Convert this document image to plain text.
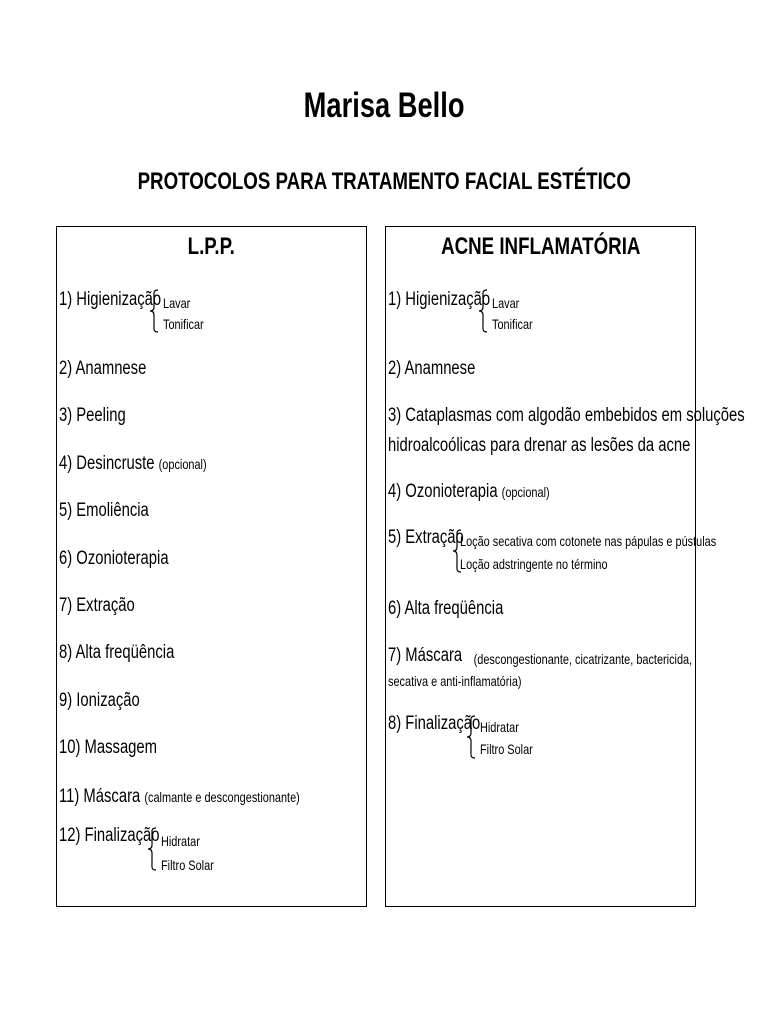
Marisa Bello
PROTOCOLOS PARA TRATAMENTO FACIAL ESTÉTICO
L.P.P.
1) Higienização Lavar
Tonificar
2) Anamnese
3) Peeling
4) Desincruste (opcional)
5) Emoliência
6) Ozonioterapia
7) Extração
8) Alta freqüência
9) Ionização
10) Massagem
11) Máscara (calmante e descongestionante)
12) Finalização Hidratar
Filtro Solar
ACNE INFLAMATÓRIA
1) Higienização Lavar
Tonificar
2) Anamnese
3) Cataplasmas com algodão embebidos em soluções
hidroalcoólicas para drenar as lesões da acne
4) Ozonioterapia (opcional)
5) Extração
Loção secativa com cotonete nas pápulas e pústulas
Loção adstringente no término
6) Alta freqüência
7) Máscara (descongestionante, cicatrizante, bactericida,
secativa e anti-inflamatória)
8) Finalização Hidratar
Filtro Solar
